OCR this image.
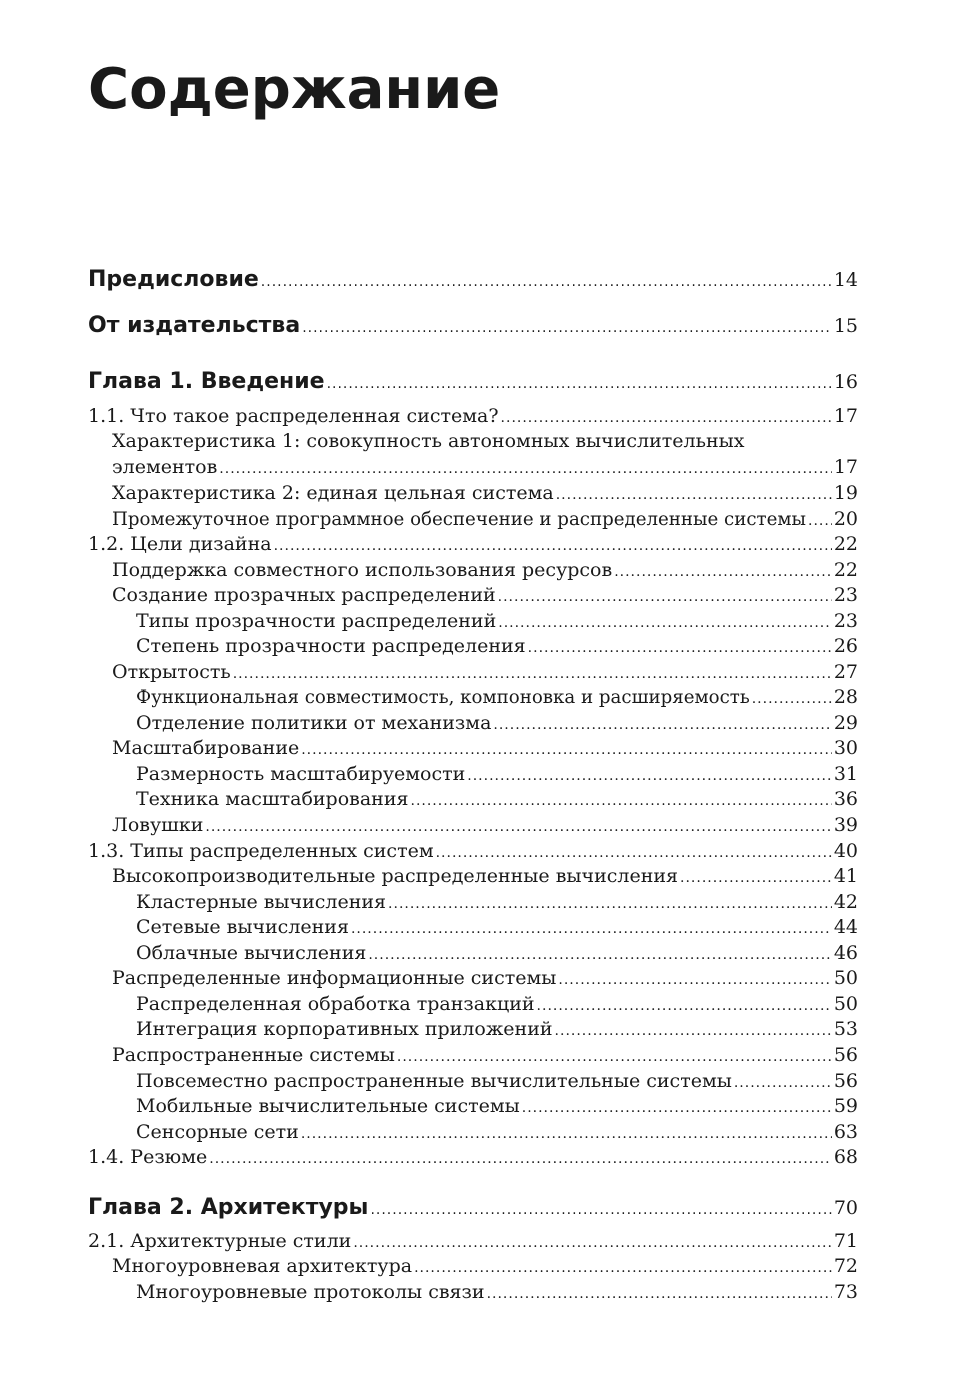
Содержание
Предисловие .....	14
От издательства .....	15
Глава 1. Введение .....	16
1.1. Что такое распределенная система? .....	17
Характеристика 1: совокупность автономных вычислительных
элементов .....	17
Характеристика 2: единая цельная система .....	19
Промежуточное программное обеспечение и распределенные системы ..... 20
1.2. Цели дизайна .....	22
Поддержка совместного использования ресурсов .....	22
Создание прозрачных распределений .....	23
Типы прозрачности распределений .....	23
Степень прозрачности распределения .....	26
Открытость .....	27
Функциональная совместимость, компоновка и расширяемость .....	28
Отделение политики от механизма .....	29
Масштабирование .....	30
Размерность масштабируемости .....	31
Техника масштабирования .....	36
Ловушки .....	39
1.3. Типы распределенных систем .....	40
Высокопроизводительные распределенные вычисления .....	41
Кластерные вычисления .....	42
Сетевые вычисления .....	44
Облачные вычисления .....	46
Распределенные информационные системы .....	50
Распределенная обработка транзакций .....	50
Интеграция корпоративных приложений .....	53
Распространенные системы .....	56
Повсеместно распространенные вычислительные системы .....	56
Мобильные вычислительные системы .....	59
Сенсорные сети .....	63
1.4. Резюме .....	68
Глава 2. Архитектуры .....	70
2.1. Архитектурные стили .....	71
Многоуровневая архитектура .....	72
Многоуровневые протоколы связи .....	73
